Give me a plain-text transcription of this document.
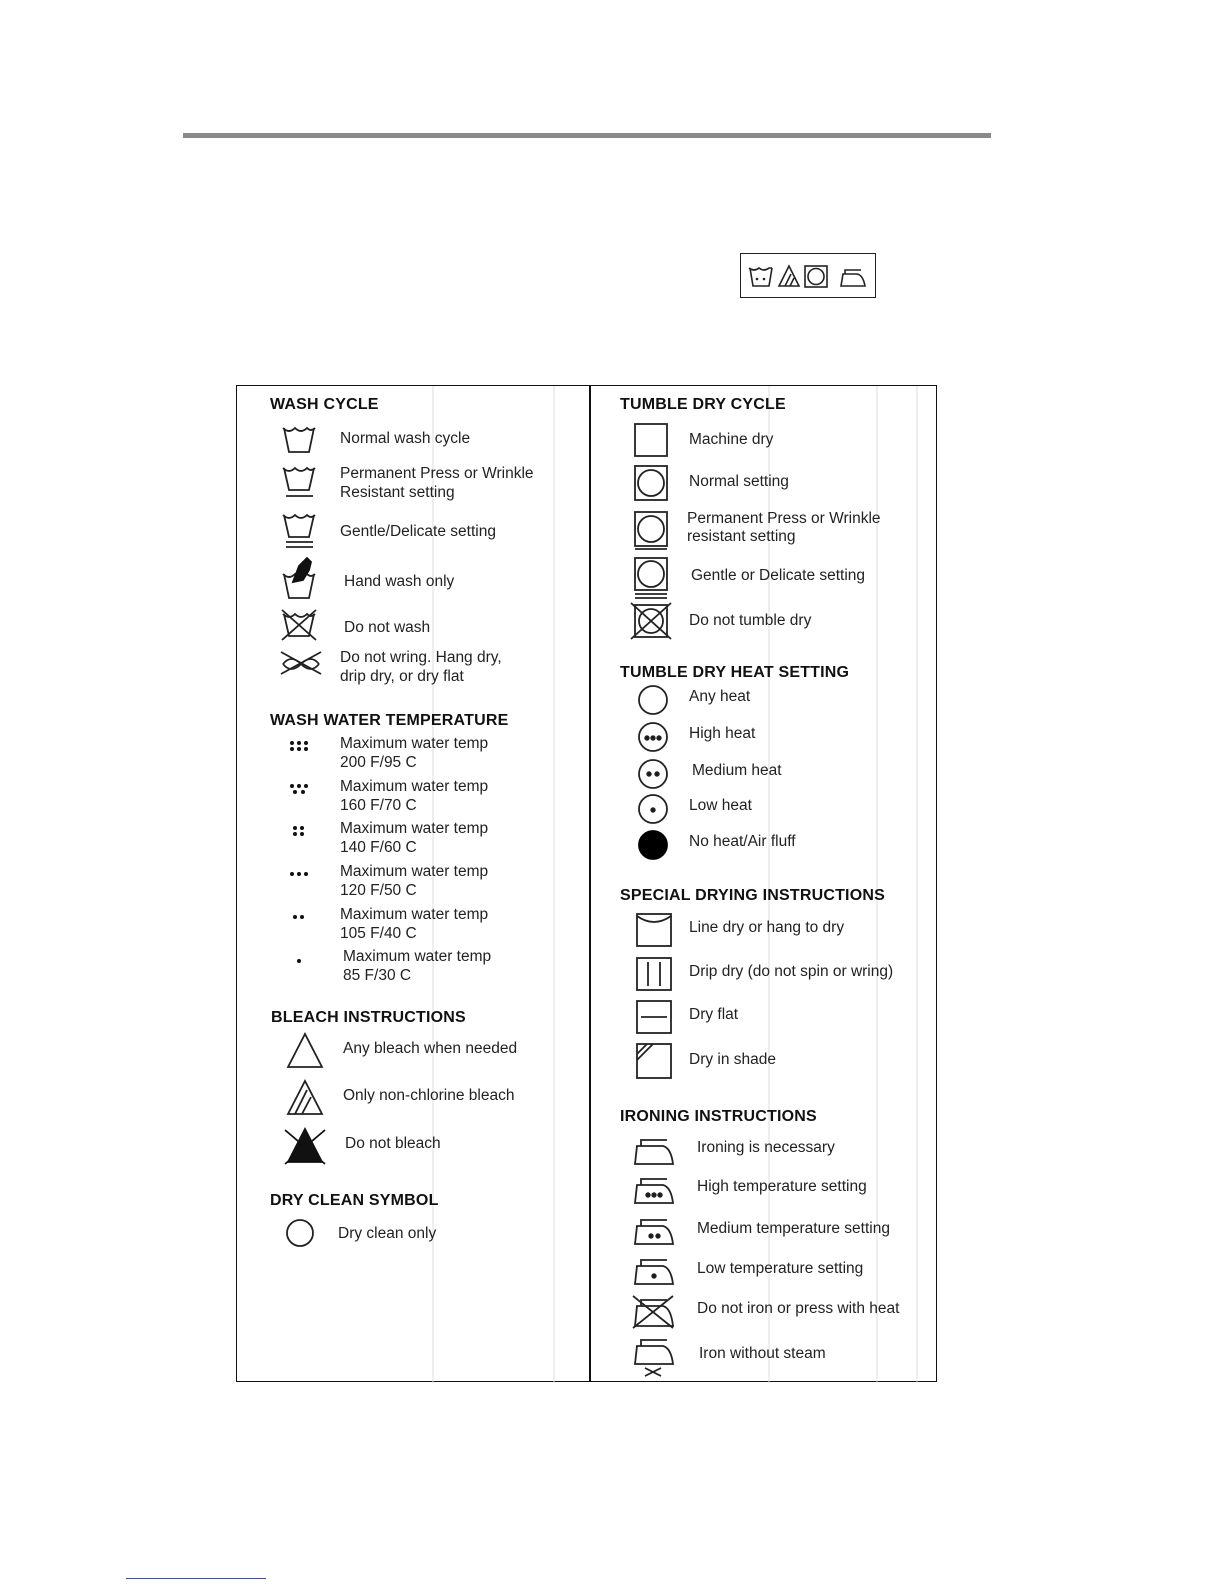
WASH CYCLE
Normal wash cycle
Permanent Press or Wrinkle
Resistant setting
Gentle/Delicate setting
Hand wash only
Do not wash
Do not wring. Hang dry,
drip dry, or dry flat
WASH WATER TEMPERATURE
Maximum water temp
200 F/95 C
Maximum water temp
160 F/70 C
Maximum water temp
140 F/60 C
Maximum water temp
120 F/50 C
Maximum water temp
105 F/40 C
Maximum water temp
85 F/30 C
BLEACH INSTRUCTIONS
Any bleach when needed
Only non-chlorine bleach
Do not bleach
DRY CLEAN SYMBOL
Dry clean only
TUMBLE DRY CYCLE
Machine dry
Normal setting
Permanent Press or Wrinkle
resistant setting
Gentle or Delicate setting
Do not tumble dry
TUMBLE DRY HEAT SETTING
Any heat
High heat
Medium heat
Low heat
No heat/Air fluff
SPECIAL DRYING INSTRUCTIONS
Line dry or hang to dry
Drip dry (do not spin or wring)
Dry flat
Dry in shade
IRONING INSTRUCTIONS
Ironing is necessary
High temperature setting
Medium temperature setting
Low temperature setting
Do not iron or press with heat
Iron without steam
